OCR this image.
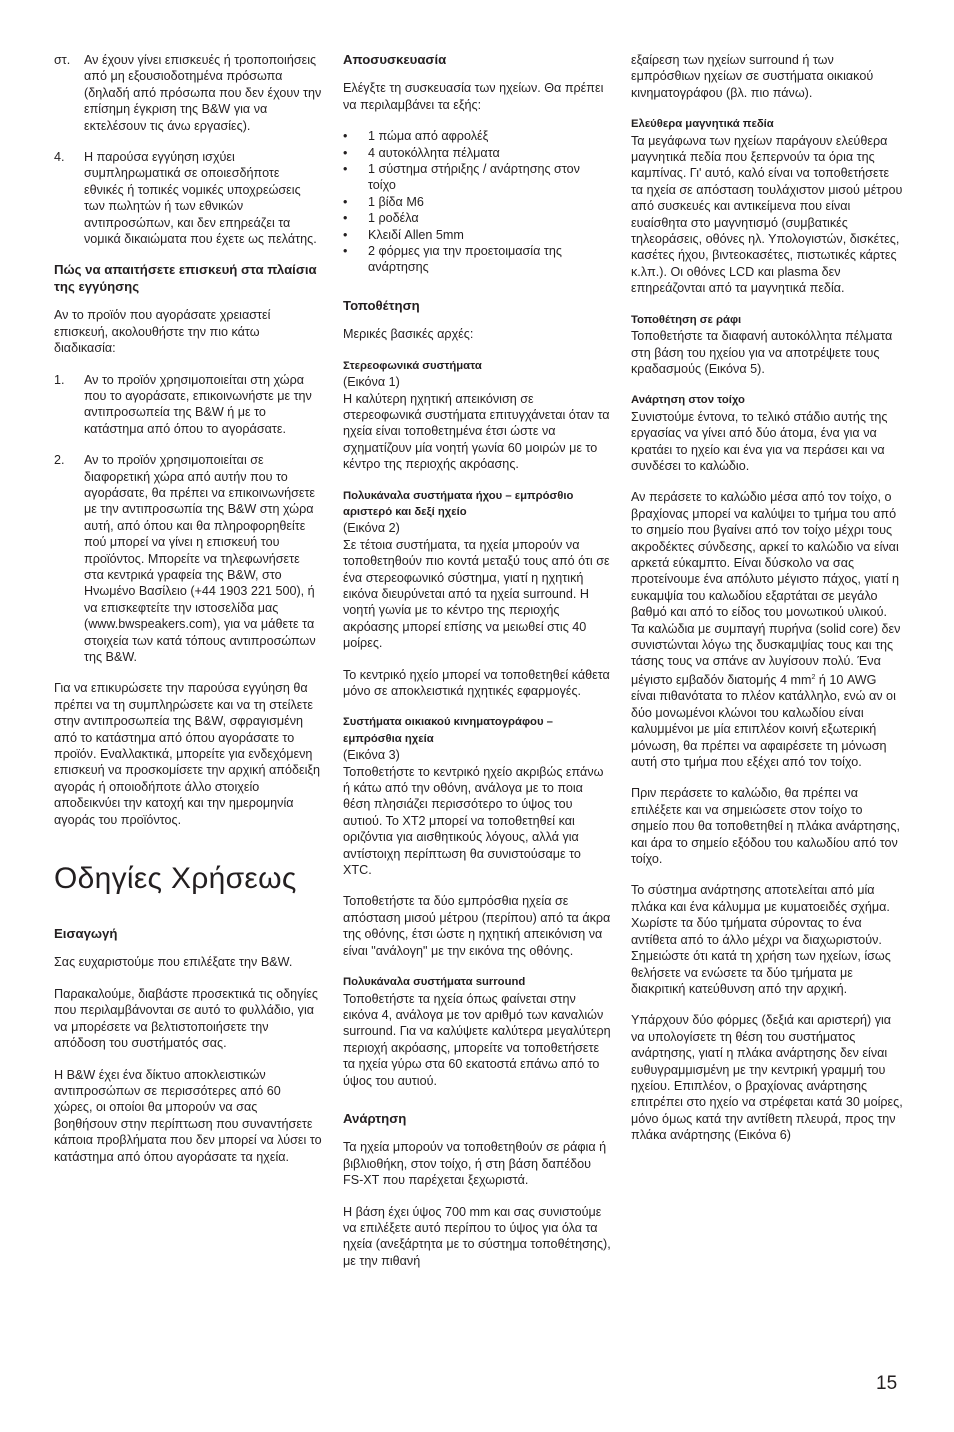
στ. Αν έχουν γίνει επισκευές ή τροποποιήσεις από μη εξουσιοδοτημένα πρόσωπα (δηλαδή από πρόσωπα που δεν έχουν την επίσημη έγκριση της B&W για να εκτελέσουν τις άνω εργασίες).
4. Η παρούσα εγγύηση ισχύει συμπληρωματικά σε οποιεσδήποτε εθνικές ή τοπικές νομικές υποχρεώσεις των πωλητών ή των εθνικών αντιπροσώπων, και δεν επηρεάζει τα νομικά δικαιώματα που έχετε ως πελάτης.
Πώς να απαιτήσετε επισκευή στα πλαίσια της εγγύησης

Αν το προϊόν που αγοράσατε χρειαστεί επισκευή, ακολουθήστε την πιο κάτω διαδικασία:

1. Αν το προϊόν χρησιμοποιείται στη χώρα που το αγοράσατε, επικοινωνήστε με την αντιπροσωπεία της B&W ή με το κατάστημα από όπου το αγοράσατε.
2. Αν το προϊόν χρησιμοποιείται σε διαφορετική χώρα από αυτήν που το αγοράσατε, θα πρέπει να επικοινωνήσετε με την αντιπροσωπία της B&W στη χώρα αυτή, από όπου και θα πληροφορηθείτε πού μπορεί να γίνει η επισκευή του προϊόντος. Μπορείτε να τηλεφωνήσετε στα κεντρικά γραφεία της B&W, στο Ηνωμένο Βασίλειο (+44 1903 221 500), ή να επισκεφτείτε την ιστοσελίδα μας (www.bwspeakers.com), για να μάθετε τα στοιχεία των κατά τόπους αντιπροσώπων της B&W.

Για να επικυρώσετε την παρούσα εγγύηση θα πρέπει να τη συμπληρώσετε και να τη στείλετε στην αντιπροσωπεία της B&W, σφραγισμένη από το κατάστημα από όπου αγοράσατε το προϊόν. Εναλλακτικά, μπορείτε για ενδεχόμενη επισκευή να προσκομίσετε την αρχική απόδειξη αγοράς ή οποιοδήποτε άλλο στοιχείο αποδεικνύει την κατοχή και την ημερομηνία αγοράς του προϊόντος.

Οδηγίες Χρήσεως
Εισαγωγή

Σας ευχαριστούμε που επιλέξατε την B&W.

Παρακαλούμε, διαβάστε προσεκτικά τις οδηγίες που περιλαμβάνονται σε αυτό το φυλλάδιο, για να μπορέσετε να βελτιστοποιήσετε την απόδοση του συστήματός σας.

Η B&W έχει ένα δίκτυο αποκλειστικών αντιπροσώπων σε περισσότερες από 60 χώρες, οι οποίοι θα μπορούν να σας βοηθήσουν στην περίπτωση που συναντήσετε κάποια προβλήματα που δεν μπορεί να λύσει το κατάστημα από όπου αγοράσατε τα ηχεία.

Αποσυσκευασία

Ελέγξτε τη συσκευασία των ηχείων. Θα πρέπει να περιλαμβάνει τα εξής:

• 1 πώμα από αφρολέξ
• 4 αυτοκόλλητα πέλματα
• 1 σύστημα στήριξης / ανάρτησης στον τοίχο
• 1 βίδα M6
• 1 ροδέλα
• Κλειδί Allen 5mm
• 2 φόρμες για την προετοιμασία της ανάρτησης
Τοποθέτηση

Μερικές βασικές αρχές:

Στερεοφωνικά συστήματα
(Εικόνα 1)
Η καλύτερη ηχητική απεικόνιση σε στερεοφωνικά συστήματα επιτυγχάνεται όταν τα ηχεία είναι τοποθετημένα έτσι ώστε να σχηματίζουν μία νοητή γωνία 60 μοιρών με το κέντρο της περιοχής ακρόασης.

Πολυκάναλα συστήματα ήχου – εμπρόσθιο αριστερό και δεξί ηχείο
(Εικόνα 2)
Σε τέτοια συστήματα, τα ηχεία μπορούν να τοποθετηθούν πιο κοντά μεταξύ τους από ότι σε ένα στερεοφωνικό σύστημα, γιατί η ηχητική εικόνα διευρύνεται από τα ηχεία surround. Η νοητή γωνία με το κέντρο της περιοχής ακρόασης μπορεί επίσης να μειωθεί στις 40 μοίρες.

Το κεντρικό ηχείο μπορεί να τοποθετηθεί κάθετα μόνο σε αποκλειστικά ηχητικές εφαρμογές.

Συστήματα οικιακού κινηματογράφου – εμπρόσθια ηχεία
(Εικόνα 3)
Τοποθετήστε το κεντρικό ηχείο ακριβώς επάνω ή κάτω από την οθόνη, ανάλογα με το ποια θέση πλησιάζει περισσότερο το ύψος του αυτιού. Το XT2 μπορεί να τοποθετηθεί και οριζόντια για αισθητικούς λόγους, αλλά για αντίστοιχη περίπτωση θα συνιστούσαμε το XTC.

Τοποθετήστε τα δύο εμπρόσθια ηχεία σε απόσταση μισού μέτρου (περίπου) από τα άκρα της οθόνης, έτσι ώστε η ηχητική απεικόνιση να είναι "ανάλογη" με την εικόνα της οθόνης.

Πολυκάναλα συστήματα surround
Τοποθετήστε τα ηχεία όπως φαίνεται στην εικόνα 4, ανάλογα με τον αριθμό των καναλιών surround. Για να καλύψετε καλύτερα μεγαλύτερη περιοχή ακρόασης, μπορείτε να τοποθετήσετε τα ηχεία γύρω στα 60 εκατοστά επάνω από το ύψος του αυτιού.

Ανάρτηση

Τα ηχεία μπορούν να τοποθετηθούν σε ράφια ή βιβλιοθήκη, στον τοίχο, ή στη βάση δαπέδου FS-XT που παρέχεται ξεχωριστά.

Η βάση έχει ύψος 700 mm και σας συνιστούμε να επιλέξετε αυτό περίπου το ύψος για όλα τα ηχεία (ανεξάρτητα με το σύστημα τοποθέτησης), με την πιθανή

εξαίρεση των ηχείων surround ή των εμπρόσθιων ηχείων σε συστήματα οικιακού κινηματογράφου (βλ. πιο πάνω).

Ελεύθερα μαγνητικά πεδία
Τα μεγάφωνα των ηχείων παράγουν ελεύθερα μαγνητικά πεδία που ξεπερνούν τα όρια της καμπίνας. Γι' αυτό, καλό είναι να τοποθετήσετε τα ηχεία σε απόσταση τουλάχιστον μισού μέτρου από συσκευές και αντικείμενα που είναι ευαίσθητα στο μαγνητισμό (συμβατικές τηλεοράσεις, οθόνες ηλ. Υπολογιστών, δισκέτες, κασέτες ήχου, βιντεοκασέτες, πιστωτικές κάρτες κ.λπ.). Οι οθόνες LCD και plasma δεν επηρεάζονται από τα μαγνητικά πεδία.

Τοποθέτηση σε ράφι
Τοποθετήστε τα διαφανή αυτοκόλλητα πέλματα στη βάση του ηχείου για να αποτρέψετε τους κραδασμούς (Εικόνα 5).

Ανάρτηση στον τοίχο
Συνιστούμε έντονα, το τελικό στάδιο αυτής της εργασίας να γίνει από δύο άτομα, ένα για να κρατάει το ηχείο και ένα για να περάσει και να συνδέσει το καλώδιο.

Αν περάσετε το καλώδιο μέσα από τον τοίχο, ο βραχίονας μπορεί να καλύψει το τμήμα του από το σημείο που βγαίνει από τον τοίχο μέχρι τους ακροδέκτες σύνδεσης, αρκεί το καλώδιο να είναι αρκετά εύκαμπτο. Είναι δύσκολο να σας προτείνουμε ένα απόλυτο μέγιστο πάχος, γιατί η ευκαμψία του καλωδίου εξαρτάται σε μεγάλο βαθμό και από το είδος του μονωτικού υλικού. Τα καλώδια με συμπαγή πυρήνα (solid core) δεν συνιστώνται λόγω της δυσκαμψίας τους και της τάσης τους να σπάνε αν λυγίσουν πολύ. Ένα μέγιστο εμβαδόν διατομής 4 $mm^2$ ή 10 AWG είναι πιθανότατα το πλέον κατάλληλο, ενώ αν οι δύο μονωμένοι κλώνοι του καλωδίου είναι καλυμμένοι με μία επιπλέον κοινή εξωτερική μόνωση, θα πρέπει να αφαιρέσετε τη μόνωση αυτή στο τμήμα που εξέχει από τον τοίχο.

Πριν περάσετε το καλώδιο, θα πρέπει να επιλέξετε και να σημειώσετε στον τοίχο το σημείο που θα τοποθετηθεί η πλάκα ανάρτησης, και άρα το σημείο εξόδου του καλωδίου από τον τοίχο.

Το σύστημα ανάρτησης αποτελείται από μία πλάκα και ένα κάλυμμα με κυματοειδές σχήμα. Χωρίστε τα δύο τμήματα σύροντας το ένα αντίθετα από το άλλο μέχρι να διαχωριστούν. Σημειώστε ότι κατά τη χρήση των ηχείων, ίσως θελήσετε να ενώσετε τα δύο τμήματα με διακριτική κατεύθυνση από την αρχική.

Υπάρχουν δύο φόρμες (δεξιά και αριστερή) για να υπολογίσετε τη θέση του συστήματος ανάρτησης, γιατί η πλάκα ανάρτησης δεν είναι ευθυγραμμισμένη με την κεντρική γραμμή του ηχείου. Επιπλέον, ο βραχίονας ανάρτησης επιτρέπει στο ηχείο να στρέφεται κατά 30 μοίρες, μόνο όμως κατά την αντίθετη πλευρά, προς την πλάκα ανάρτησης (Εικόνα 6)

15
